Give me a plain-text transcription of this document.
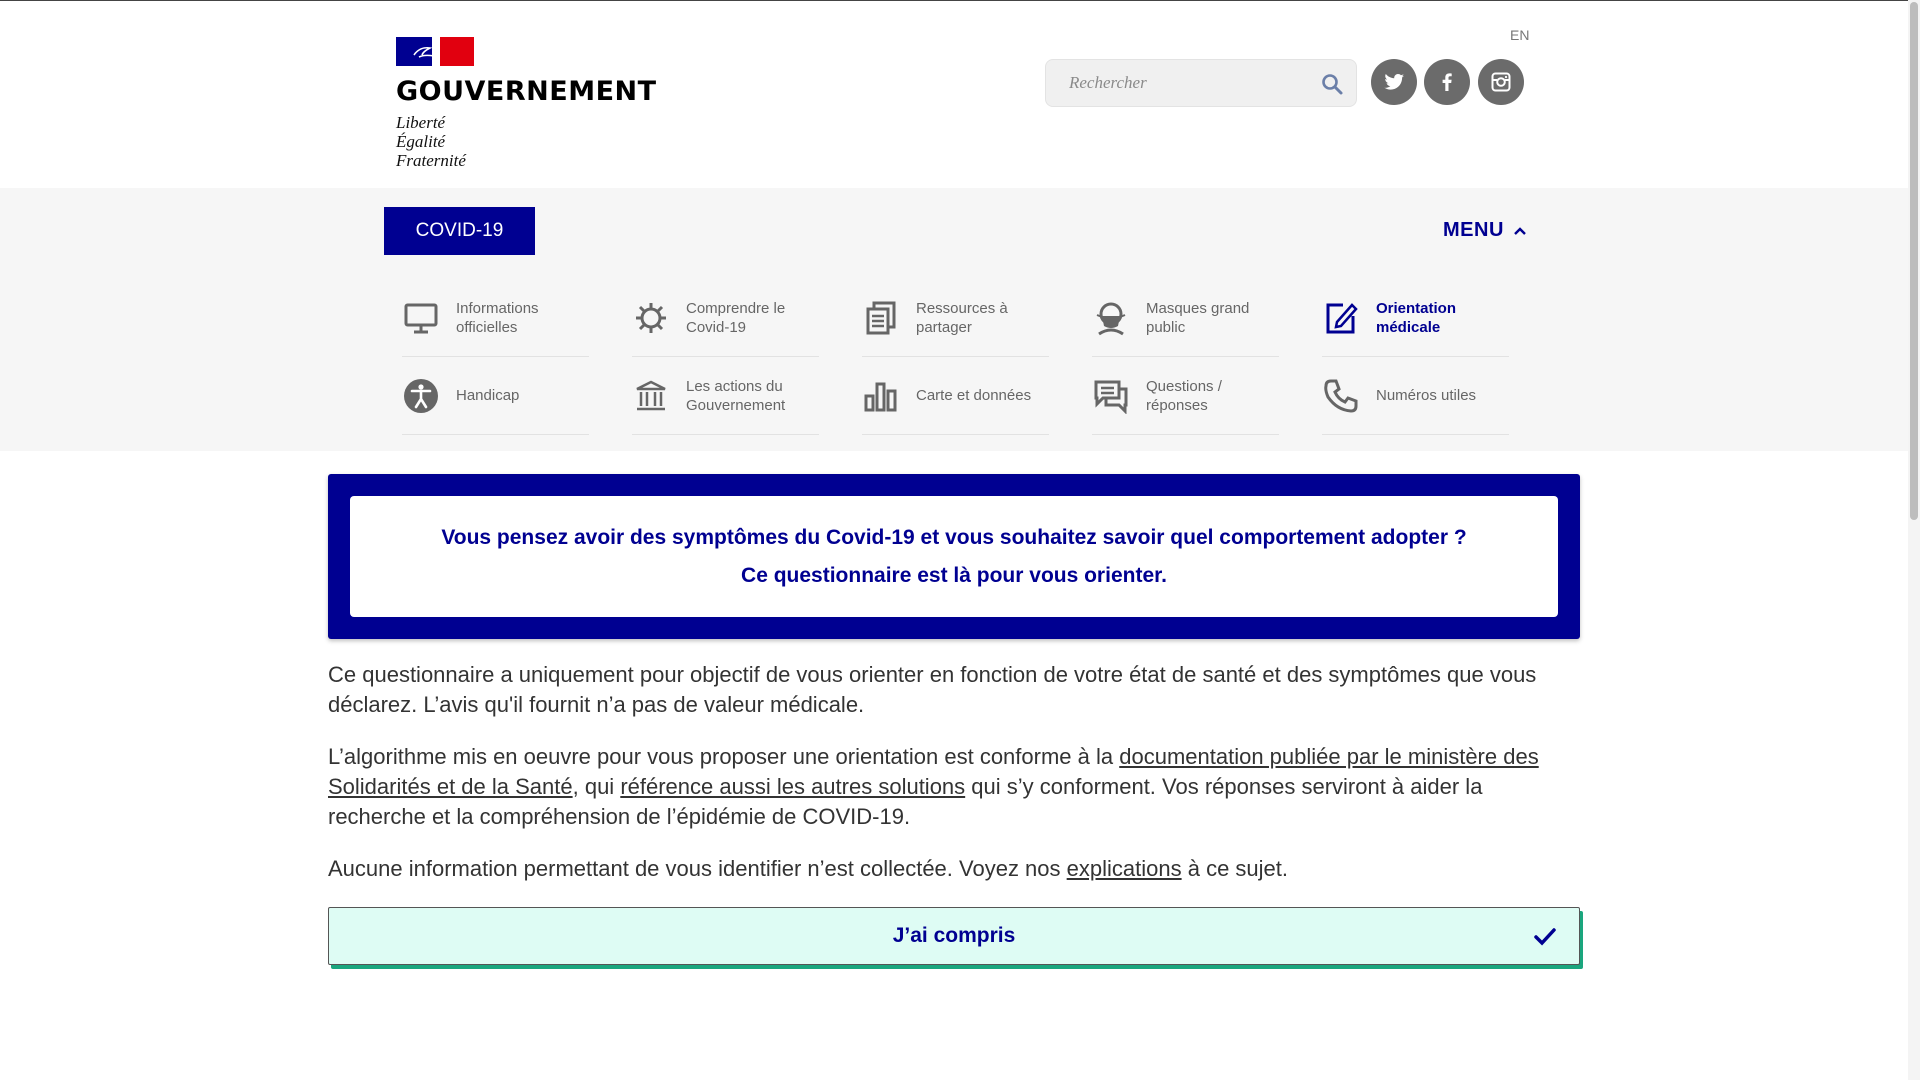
GOUVERNEMENT
Liberté
Égalité
Fraternité
EN
Rechercher
COVID-19	MENU
Informations officielles
Comprendre le Covid-19
Ressources à partager
Masques grand public
Orientation médicale
Handicap
Les actions du Gouvernement
Carte et données
Questions / réponses
Numéros utiles

Vous pensez avoir des symptômes du Covid-19 et vous souhaitez savoir quel comportement adopter ?

Ce questionnaire est là pour vous orienter.

Ce questionnaire a uniquement pour objectif de vous orienter en fonction de votre état de santé et des symptômes que vous déclarez. L’avis qu'il fournit n’a pas de valeur médicale.

L’algorithme mis en oeuvre pour vous proposer une orientation est conforme à la documentation publiée par le ministère des Solidarités et de la Santé, qui référence aussi les autres solutions qui s’y conforment. Vos réponses serviront à aider la recherche et la compréhension de l’épidémie de COVID-19.

Aucune information permettant de vous identifier n’est collectée. Voyez nos explications à ce sujet.

J’ai compris
